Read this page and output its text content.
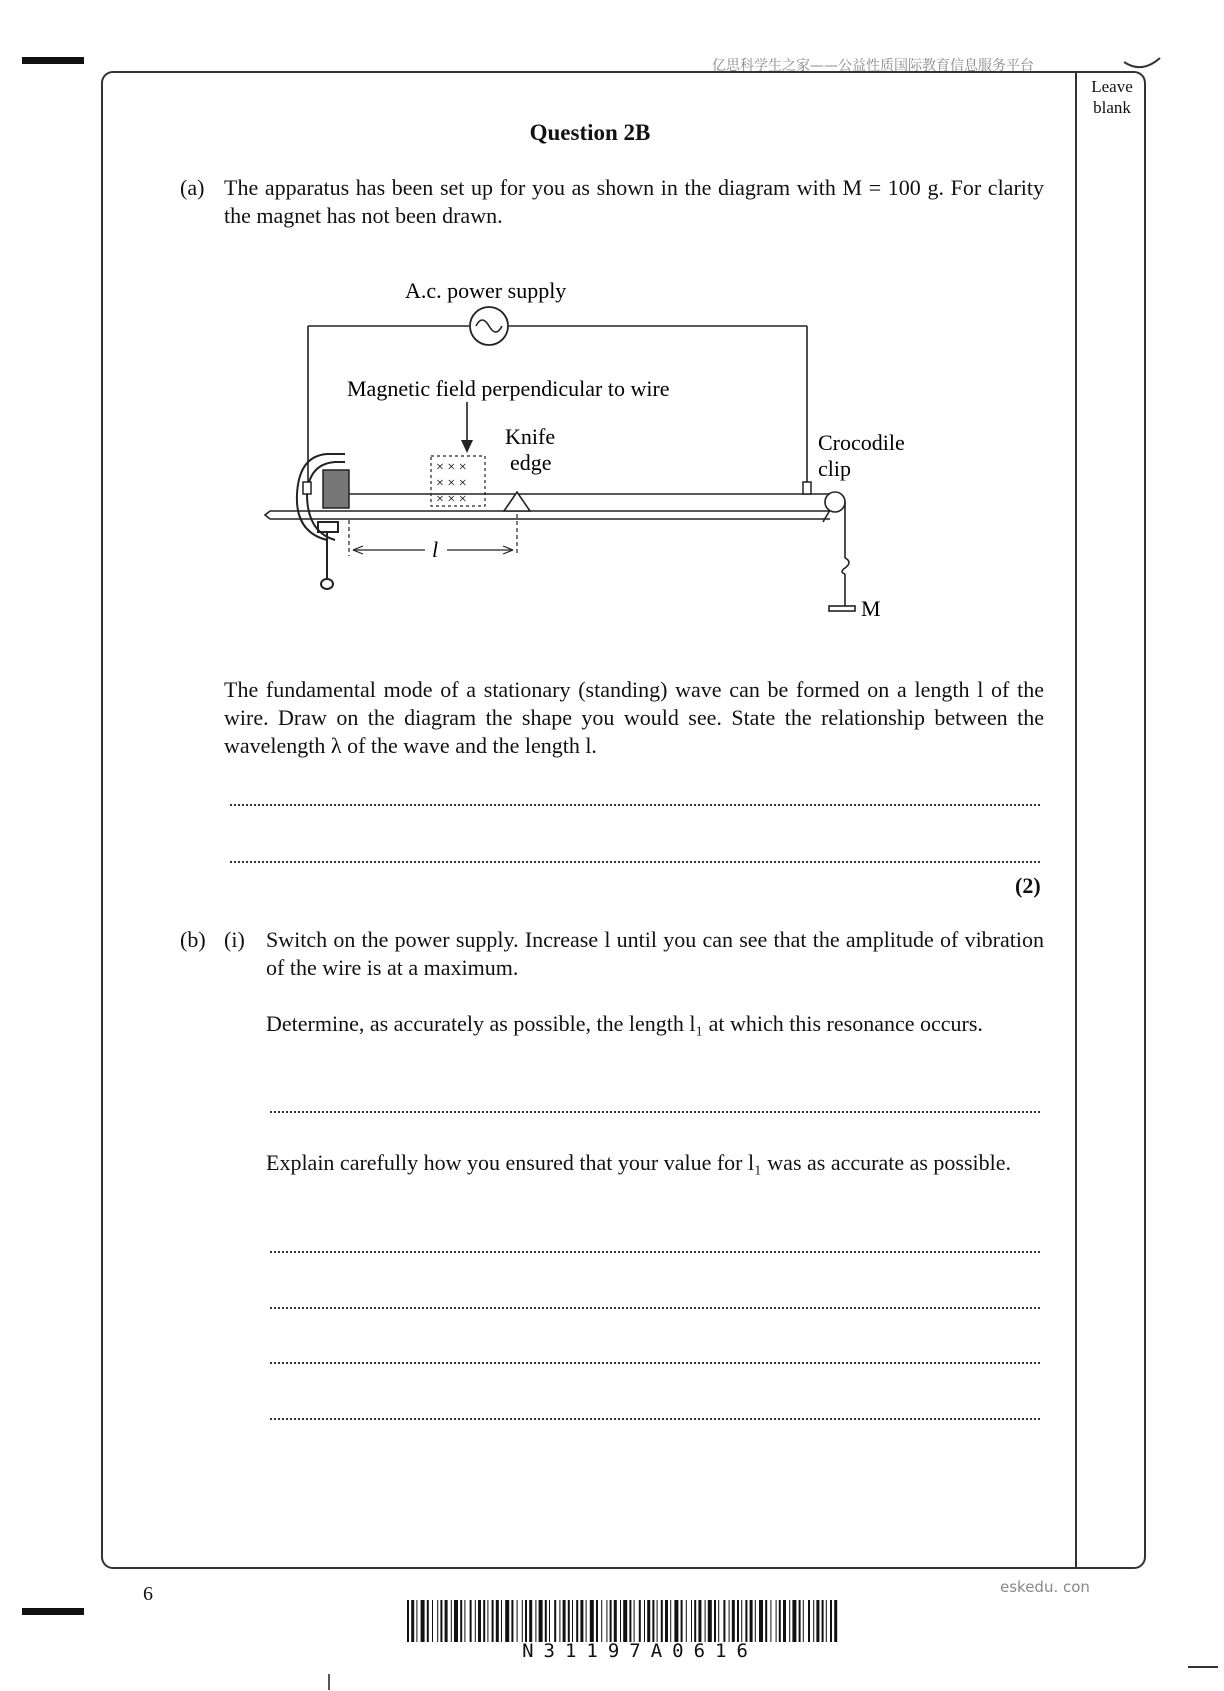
亿思科学生之家——公益性质国际教育信息服务平台
Leave
blank
Question 2B
(a) The apparatus has been set up for you as shown in the diagram with M = 100 g. For clarity the magnet has not been drawn.
A.c. power supply
Magnetic field perpendicular to wire
Knife
edge
Crocodile
clip
× × ×
× × ×
× × ×
M
l
The fundamental mode of a stationary (standing) wave can be formed on a length l of the wire. Draw on the diagram the shape you would see. State the relationship between the wavelength λ of the wave and the length l.
(2)
(b) (i) Switch on the power supply. Increase l until you can see that the amplitude of vibration of the wire is at a maximum.
Determine, as accurately as possible, the length l₁ at which this resonance occurs.
Explain carefully how you ensured that your value for l₁ was as accurate as possible.
6	eskedu. con
N31197A0616
